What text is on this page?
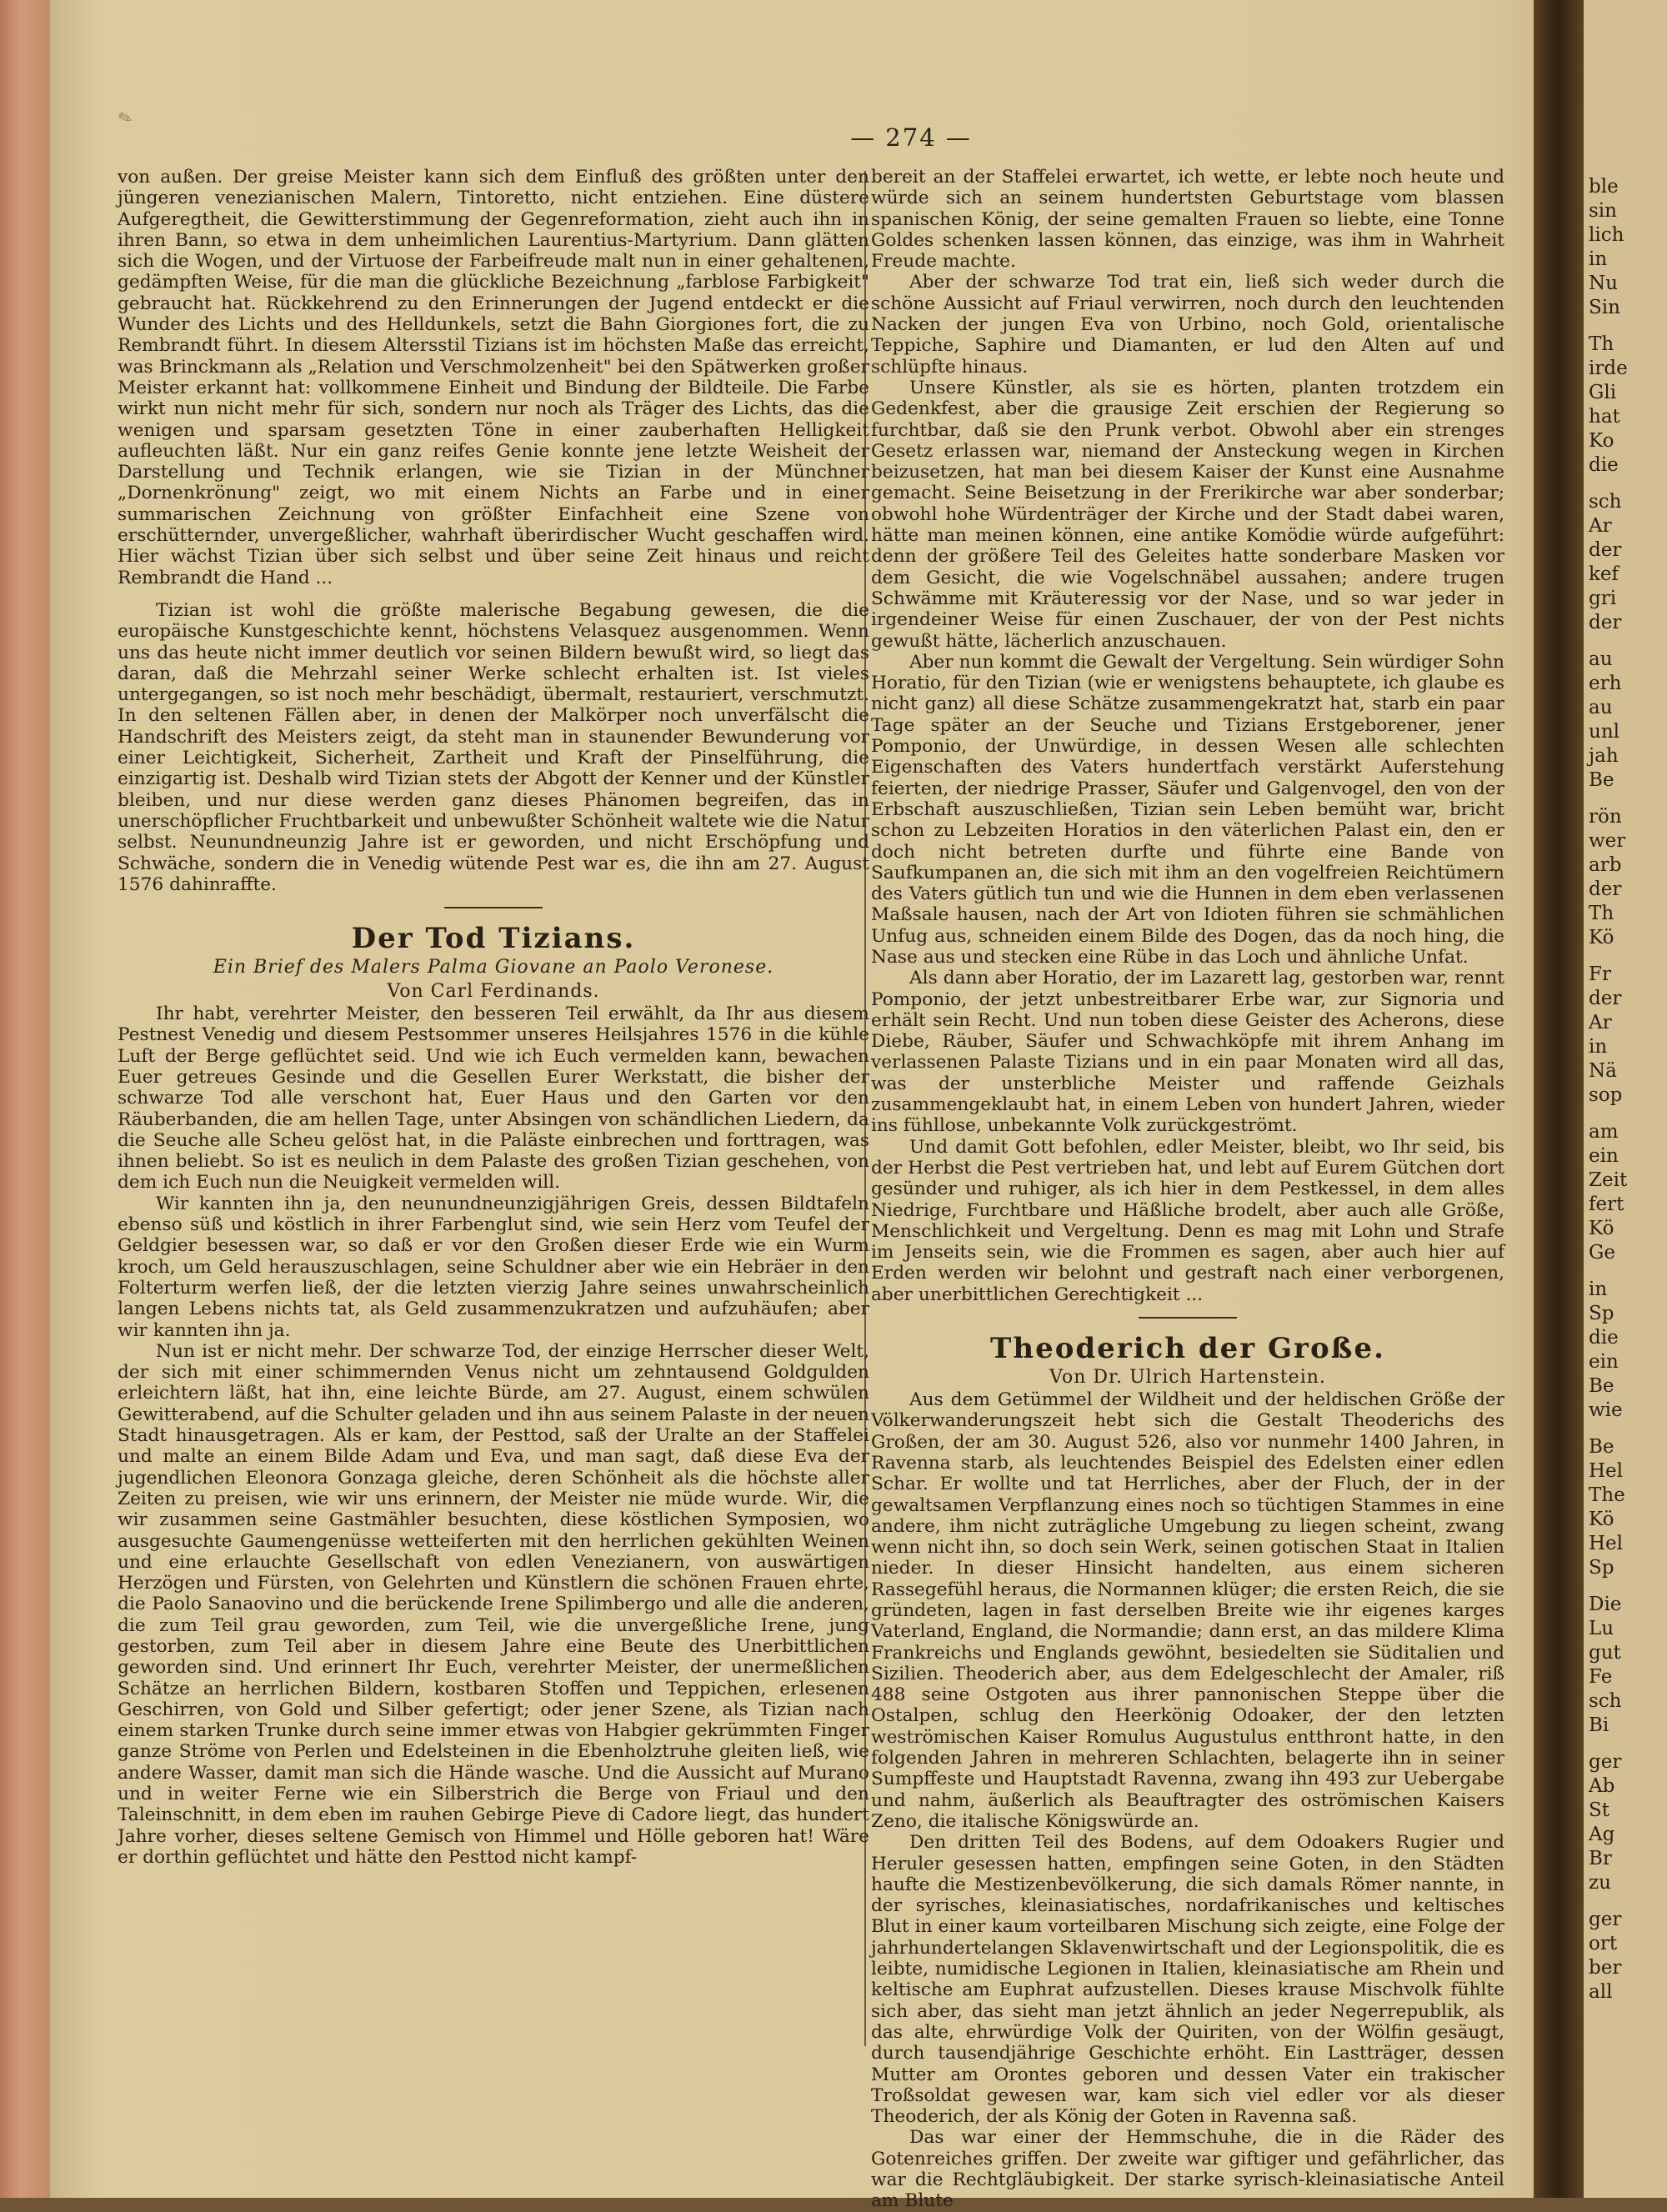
✎
— 274 —

von außen. Der greise Meister kann sich dem Einfluß des größten unter den jüngeren venezianischen Malern, Tintoretto, nicht entziehen. Eine düstere Aufgeregtheit, die Gewitterstimmung der Gegenreformation, zieht auch ihn in ihren Bann, so etwa in dem unheimlichen Laurentius-Martyrium. Dann glätten sich die Wogen, und der Virtuose der Farbeifreude malt nun in einer gehaltenen, gedämpften Weise, für die man die glückliche Bezeichnung „farblose Farbigkeit" gebraucht hat. Rückkehrend zu den Erinnerungen der Jugend entdeckt er die Wunder des Lichts und des Helldunkels, setzt die Bahn Giorgiones fort, die zu Rembrandt führt. In diesem Altersstil Tizians ist im höchsten Maße das erreicht, was Brinckmann als „Relation und Verschmolzenheit" bei den Spätwerken großer Meister erkannt hat: vollkommene Einheit und Bindung der Bildteile. Die Farbe wirkt nun nicht mehr für sich, sondern nur noch als Träger des Lichts, das die wenigen und sparsam gesetzten Töne in einer zauberhaften Helligkeit aufleuchten läßt. Nur ein ganz reifes Genie konnte jene letzte Weisheit der Darstellung und Technik erlangen, wie sie Tizian in der Münchner „Dornenkrönung" zeigt, wo mit einem Nichts an Farbe und in einer summarischen Zeichnung von größter Einfachheit eine Szene von erschütternder, unvergeßlicher, wahrhaft überirdischer Wucht geschaffen wird. Hier wächst Tizian über sich selbst und über seine Zeit hinaus und reicht Rembrandt die Hand ...

Tizian ist wohl die größte malerische Begabung gewesen, die die europäische Kunstgeschichte kennt, höchstens Velasquez ausgenommen. Wenn uns das heute nicht immer deutlich vor seinen Bildern bewußt wird, so liegt das daran, daß die Mehrzahl seiner Werke schlecht erhalten ist. Ist vieles untergegangen, so ist noch mehr beschädigt, übermalt, restauriert, verschmutzt. In den seltenen Fällen aber, in denen der Malkörper noch unverfälscht die Handschrift des Meisters zeigt, da steht man in staunender Bewunderung vor einer Leichtigkeit, Sicherheit, Zartheit und Kraft der Pinselführung, die einzigartig ist. Deshalb wird Tizian stets der Abgott der Kenner und der Künstler bleiben, und nur diese werden ganz dieses Phänomen begreifen, das in unerschöpflicher Fruchtbarkeit und unbewußter Schönheit waltete wie die Natur selbst. Neunundneunzig Jahre ist er geworden, und nicht Erschöpfung und Schwäche, sondern die in Venedig wütende Pest war es, die ihn am 27. August 1576 dahinraffte.

Der Tod Tizians.

Ein Brief des Malers Palma Giovane an Paolo Veronese.

Von Carl Ferdinands.

Ihr habt, verehrter Meister, den besseren Teil erwählt, da Ihr aus diesem Pestnest Venedig und diesem Pestsommer unseres Heilsjahres 1576 in die kühle Luft der Berge geflüchtet seid. Und wie ich Euch vermelden kann, bewachen Euer getreues Gesinde und die Gesellen Eurer Werkstatt, die bisher der schwarze Tod alle verschont hat, Euer Haus und den Garten vor den Räuberbanden, die am hellen Tage, unter Absingen von schändlichen Liedern, da die Seuche alle Scheu gelöst hat, in die Paläste einbrechen und forttragen, was ihnen beliebt. So ist es neulich in dem Palaste des großen Tizian geschehen, von dem ich Euch nun die Neuigkeit vermelden will.

Wir kannten ihn ja, den neunundneunzigjährigen Greis, dessen Bildtafeln ebenso süß und köstlich in ihrer Farbenglut sind, wie sein Herz vom Teufel der Geldgier besessen war, so daß er vor den Großen dieser Erde wie ein Wurm kroch, um Geld herauszuschlagen, seine Schuldner aber wie ein Hebräer in den Folterturm werfen ließ, der die letzten vierzig Jahre seines unwahrscheinlich langen Lebens nichts tat, als Geld zusammenzukratzen und aufzuhäufen; aber wir kannten ihn ja.

Nun ist er nicht mehr. Der schwarze Tod, der einzige Herrscher dieser Welt, der sich mit einer schimmernden Venus nicht um zehntausend Goldgulden erleichtern läßt, hat ihn, eine leichte Bürde, am 27. August, einem schwülen Gewitterabend, auf die Schulter geladen und ihn aus seinem Palaste in der neuen Stadt hinausgetragen. Als er kam, der Pesttod, saß der Uralte an der Staffelei und malte an einem Bilde Adam und Eva, und man sagt, daß diese Eva der jugendlichen Eleonora Gonzaga gleiche, deren Schönheit als die höchste aller Zeiten zu preisen, wie wir uns erinnern, der Meister nie müde wurde. Wir, die wir zusammen seine Gastmähler besuchten, diese köstlichen Symposien, wo ausgesuchte Gaumengenüsse wetteiferten mit den herrlichen gekühlten Weinen und eine erlauchte Gesellschaft von edlen Venezianern, von auswärtigen Herzögen und Fürsten, von Gelehrten und Künstlern die schönen Frauen ehrte, die Paolo Sanaovino und die berückende Irene Spilimbergo und alle die anderen, die zum Teil grau geworden, zum Teil, wie die unvergeßliche Irene, jung gestorben, zum Teil aber in diesem Jahre eine Beute des Unerbittlichen geworden sind. Und erinnert Ihr Euch, verehrter Meister, der unermeßlichen Schätze an herrlichen Bildern, kostbaren Stoffen und Teppichen, erlesenen Geschirren, von Gold und Silber gefertigt; oder jener Szene, als Tizian nach einem starken Trunke durch seine immer etwas von Habgier gekrümmten Finger ganze Ströme von Perlen und Edelsteinen in die Ebenholztruhe gleiten ließ, wie andere Wasser, damit man sich die Hände wasche. Und die Aussicht auf Murano und in weiter Ferne wie ein Silberstrich die Berge von Friaul und den Taleinschnitt, in dem eben im rauhen Gebirge Pieve di Cadore liegt, das hundert Jahre vorher, dieses seltene Gemisch von Himmel und Hölle geboren hat! Wäre er dorthin geflüchtet und hätte den Pesttod nicht kampf-

bereit an der Staffelei erwartet, ich wette, er lebte noch heute und würde sich an seinem hundertsten Geburtstage vom blassen spanischen König, der seine gemalten Frauen so liebte, eine Tonne Goldes schenken lassen können, das einzige, was ihm in Wahrheit Freude machte.

Aber der schwarze Tod trat ein, ließ sich weder durch die schöne Aussicht auf Friaul verwirren, noch durch den leuchtenden Nacken der jungen Eva von Urbino, noch Gold, orientalische Teppiche, Saphire und Diamanten, er lud den Alten auf und schlüpfte hinaus.

Unsere Künstler, als sie es hörten, planten trotzdem ein Gedenkfest, aber die grausige Zeit erschien der Regierung so furchtbar, daß sie den Prunk verbot. Obwohl aber ein strenges Gesetz erlassen war, niemand der Ansteckung wegen in Kirchen beizusetzen, hat man bei diesem Kaiser der Kunst eine Ausnahme gemacht. Seine Beisetzung in der Frerikirche war aber sonderbar; obwohl hohe Würdenträger der Kirche und der Stadt dabei waren, hätte man meinen können, eine antike Komödie würde aufgeführt: denn der größere Teil des Geleites hatte sonderbare Masken vor dem Gesicht, die wie Vogelschnäbel aussahen; andere trugen Schwämme mit Kräuteressig vor der Nase, und so war jeder in irgendeiner Weise für einen Zuschauer, der von der Pest nichts gewußt hätte, lächerlich anzuschauen.

Aber nun kommt die Gewalt der Vergeltung. Sein würdiger Sohn Horatio, für den Tizian (wie er wenigstens behauptete, ich glaube es nicht ganz) all diese Schätze zusammengekratzt hat, starb ein paar Tage später an der Seuche und Tizians Erstgeborener, jener Pomponio, der Unwürdige, in dessen Wesen alle schlechten Eigenschaften des Vaters hundertfach verstärkt Auferstehung feierten, der niedrige Prasser, Säufer und Galgenvogel, den von der Erbschaft auszuschließen, Tizian sein Leben bemüht war, bricht schon zu Lebzeiten Horatios in den väterlichen Palast ein, den er doch nicht betreten durfte und führte eine Bande von Saufkumpanen an, die sich mit ihm an den vogelfreien Reichtümern des Vaters gütlich tun und wie die Hunnen in dem eben verlassenen Maßsale hausen, nach der Art von Idioten führen sie schmählichen Unfug aus, schneiden einem Bilde des Dogen, das da noch hing, die Nase aus und stecken eine Rübe in das Loch und ähnliche Unfat.

Als dann aber Horatio, der im Lazarett lag, gestorben war, rennt Pomponio, der jetzt unbestreitbarer Erbe war, zur Signoria und erhält sein Recht. Und nun toben diese Geister des Acherons, diese Diebe, Räuber, Säufer und Schwachköpfe mit ihrem Anhang im verlassenen Palaste Tizians und in ein paar Monaten wird all das, was der unsterbliche Meister und raffende Geizhals zusammengeklaubt hat, in einem Leben von hundert Jahren, wieder ins fühllose, unbekannte Volk zurückgeströmt.

Und damit Gott befohlen, edler Meister, bleibt, wo Ihr seid, bis der Herbst die Pest vertrieben hat, und lebt auf Eurem Gütchen dort gesünder und ruhiger, als ich hier in dem Pestkessel, in dem alles Niedrige, Furchtbare und Häßliche brodelt, aber auch alle Größe, Menschlichkeit und Vergeltung. Denn es mag mit Lohn und Strafe im Jenseits sein, wie die Frommen es sagen, aber auch hier auf Erden werden wir belohnt und gestraft nach einer verborgenen, aber unerbittlichen Gerechtigkeit ...

Theoderich der Große.

Von Dr. Ulrich Hartenstein.

Aus dem Getümmel der Wildheit und der heldischen Größe der Völkerwanderungszeit hebt sich die Gestalt Theoderichs des Großen, der am 30. August 526, also vor nunmehr 1400 Jahren, in Ravenna starb, als leuchtendes Beispiel des Edelsten einer edlen Schar. Er wollte und tat Herrliches, aber der Fluch, der in der gewaltsamen Verpflanzung eines noch so tüchtigen Stammes in eine andere, ihm nicht zuträgliche Umgebung zu liegen scheint, zwang wenn nicht ihn, so doch sein Werk, seinen gotischen Staat in Italien nieder. In dieser Hinsicht handelten, aus einem sicheren Rassegefühl heraus, die Normannen klüger; die ersten Reich, die sie gründeten, lagen in fast derselben Breite wie ihr eigenes karges Vaterland, England, die Normandie; dann erst, an das mildere Klima Frankreichs und Englands gewöhnt, besiedelten sie Süditalien und Sizilien. Theoderich aber, aus dem Edelgeschlecht der Amaler, riß 488 seine Ostgoten aus ihrer pannonischen Steppe über die Ostalpen, schlug den Heerkönig Odoaker, der den letzten weströmischen Kaiser Romulus Augustulus entthront hatte, in den folgenden Jahren in mehreren Schlachten, belagerte ihn in seiner Sumpffeste und Hauptstadt Ravenna, zwang ihn 493 zur Uebergabe und nahm, äußerlich als Beauftragter des oströmischen Kaisers Zeno, die italische Königswürde an.

Den dritten Teil des Bodens, auf dem Odoakers Rugier und Heruler gesessen hatten, empfingen seine Goten, in den Städten haufte die Mestizenbevölkerung, die sich damals Römer nannte, in der syrisches, kleinasiatisches, nordafrikanisches und keltisches Blut in einer kaum vorteilbaren Mischung sich zeigte, eine Folge der jahrhundertelangen Sklavenwirtschaft und der Legionspolitik, die es leibte, numidische Legionen in Italien, kleinasiatische am Rhein und keltische am Euphrat aufzustellen. Dieses krause Mischvolk fühlte sich aber, das sieht man jetzt ähnlich an jeder Negerrepublik, als das alte, ehrwürdige Volk der Quiriten, von der Wölfin gesäugt, durch tausendjährige Geschichte erhöht. Ein Lastträger, dessen Mutter am Orontes geboren und dessen Vater ein trakischer Troßsoldat gewesen war, kam sich viel edler vor als dieser Theoderich, der als König der Goten in Ravenna saß.

Das war einer der Hemmschuhe, die in die Räder des Gotenreiches griffen. Der zweite war giftiger und gefährlicher, das war die Rechtgläubigkeit. Der starke syrisch-kleinasiatische Anteil am Blute

ble
sin
lich
in
Nu
Sin
Th
irde
Gli
hat
Ko
die
sch
Ar
der
kef
gri
der
au
erh
au
unl
jah
Be
rön
wer
arb
der
Th
Kö
Fr
der
Ar
in
Nä
sop
am
ein
Zeit
fert
Kö
Ge
in
Sp
die
ein
Be
wie
Be
Hel
The
Kö
Hel
Sp
Die
Lu
gut
Fe
sch
Bi
ger
Ab
St
Ag
Br
zu
ger
ort
ber
all
